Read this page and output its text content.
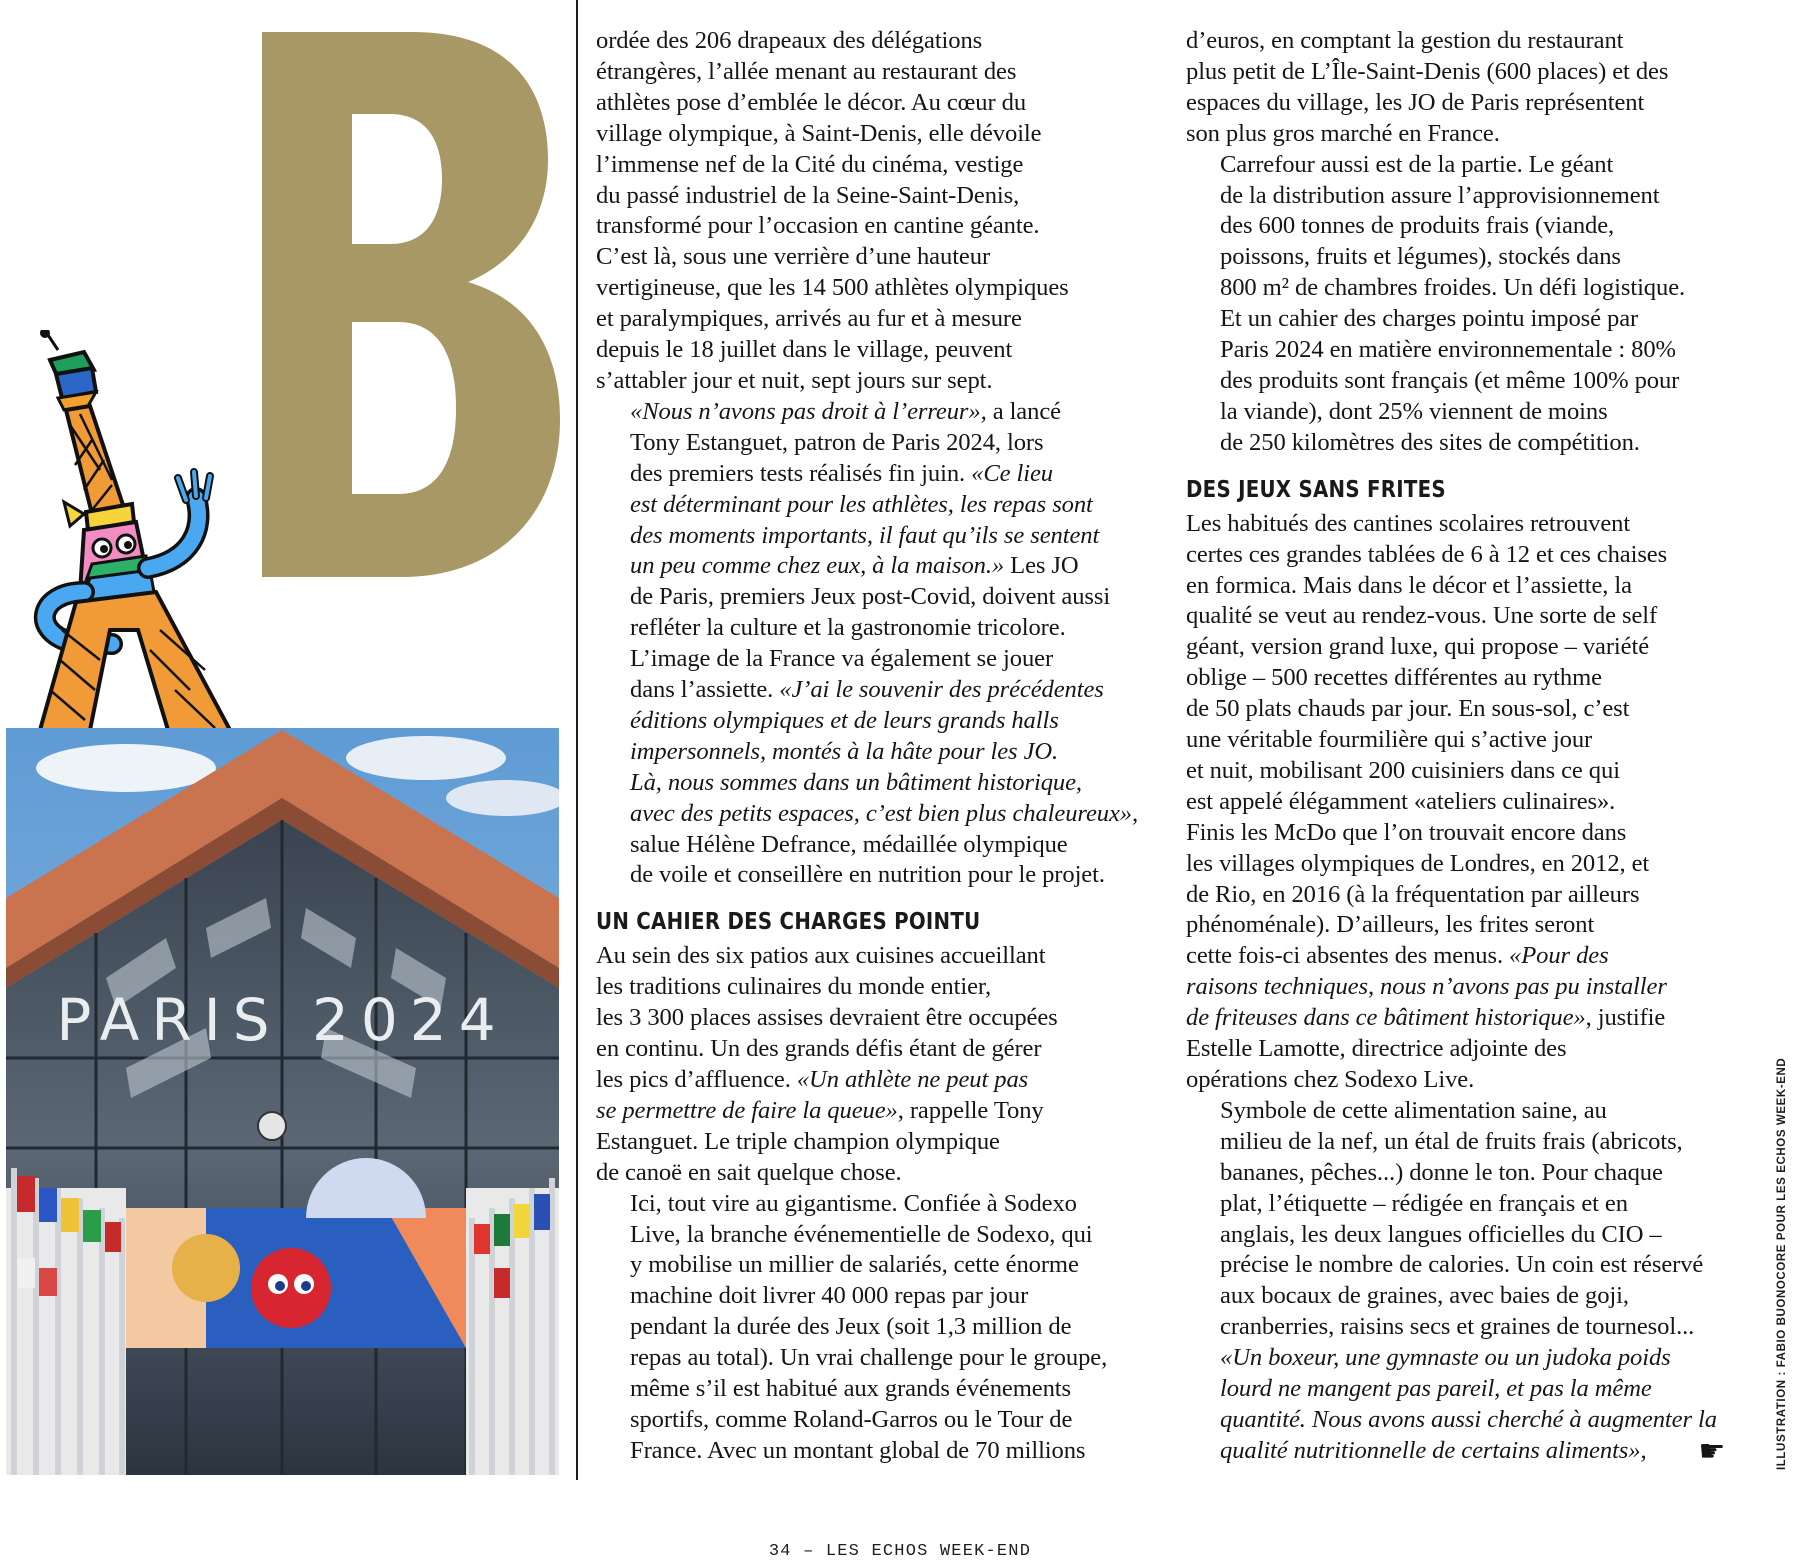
PARIS 2024

ordée des 206 drapeaux des délégations
étrangères, l’allée menant au restaurant des
athlètes pose d’emblée le décor. Au cœur du
village olympique, à Saint-Denis, elle dévoile
l’immense nef de la Cité du cinéma, vestige
du passé industriel de la Seine-Saint-Denis,
transformé pour l’occasion en cantine géante.
C’est là, sous une verrière d’une hauteur
vertigineuse, que les 14 500 athlètes olympiques
et paralympiques, arrivés au fur et à mesure
depuis le 18 juillet dans le village, peuvent
s’attabler jour et nuit, sept jours sur sept.

«Nous n’avons pas droit à l’erreur», a lancé
Tony Estanguet, patron de Paris 2024, lors
des premiers tests réalisés fin juin. «Ce lieu
est déterminant pour les athlètes, les repas sont
des moments importants, il faut qu’ils se sentent
un peu comme chez eux, à la maison.» Les JO
de Paris, premiers Jeux post-Covid, doivent aussi
refléter la culture et la gastronomie tricolore.
L’image de la France va également se jouer
dans l’assiette. «J’ai le souvenir des précédentes
éditions olympiques et de leurs grands halls
impersonnels, montés à la hâte pour les JO.
Là, nous sommes dans un bâtiment historique,
avec des petits espaces, c’est bien plus chaleureux»,
salue Hélène Defrance, médaillée olympique
de voile et conseillère en nutrition pour le projet.

UN CAHIER DES CHARGES POINTU

Au sein des six patios aux cuisines accueillant
les traditions culinaires du monde entier,
les 3 300 places assises devraient être occupées
en continu. Un des grands défis étant de gérer
les pics d’affluence. «Un athlète ne peut pas
se permettre de faire la queue», rappelle Tony
Estanguet. Le triple champion olympique
de canoë en sait quelque chose.

Ici, tout vire au gigantisme. Confiée à Sodexo
Live, la branche événementielle de Sodexo, qui
y mobilise un millier de salariés, cette énorme
machine doit livrer 40 000 repas par jour
pendant la durée des Jeux (soit 1,3 million de
repas au total). Un vrai challenge pour le groupe,
même s’il est habitué aux grands événements
sportifs, comme Roland-Garros ou le Tour de
France. Avec un montant global de 70 millions

d’euros, en comptant la gestion du restaurant
plus petit de L’Île-Saint-Denis (600 places) et des
espaces du village, les JO de Paris représentent
son plus gros marché en France.

Carrefour aussi est de la partie. Le géant
de la distribution assure l’approvisionnement
des 600 tonnes de produits frais (viande,
poissons, fruits et légumes), stockés dans
800 m² de chambres froides. Un défi logistique.
Et un cahier des charges pointu imposé par
Paris 2024 en matière environnementale : 80%
des produits sont français (et même 100% pour
la viande), dont 25% viennent de moins
de 250 kilomètres des sites de compétition.

DES JEUX SANS FRITES

Les habitués des cantines scolaires retrouvent
certes ces grandes tablées de 6 à 12 et ces chaises
en formica. Mais dans le décor et l’assiette, la
qualité se veut au rendez-vous. Une sorte de self
géant, version grand luxe, qui propose – variété
oblige – 500 recettes différentes au rythme
de 50 plats chauds par jour. En sous-sol, c’est
une véritable fourmilière qui s’active jour
et nuit, mobilisant 200 cuisiniers dans ce qui
est appelé élégamment «ateliers culinaires».
Finis les McDo que l’on trouvait encore dans
les villages olympiques de Londres, en 2012, et
de Rio, en 2016 (à la fréquentation par ailleurs
phénoménale). D’ailleurs, les frites seront
cette fois-ci absentes des menus. «Pour des
raisons techniques, nous n’avons pas pu installer
de friteuses dans ce bâtiment historique», justifie
Estelle Lamotte, directrice adjointe des
opérations chez Sodexo Live.

Symbole de cette alimentation saine, au
milieu de la nef, un étal de fruits frais (abricots,
bananes, pêches...) donne le ton. Pour chaque
plat, l’étiquette – rédigée en français et en
anglais, les deux langues officielles du CIO –
précise le nombre de calories. Un coin est réservé
aux bocaux de graines, avec baies de goji,
cranberries, raisins secs et graines de tournesol...
«Un boxeur, une gymnaste ou un judoka poids
lourd ne mangent pas pareil, et pas la même
quantité. Nous avons aussi cherché à augmenter la
qualité nutritionnelle de certains aliments», ☛	ILLUSTRATION : FABIO BUONOCORE POUR LES ECHOS WEEK-END
34 – LES ECHOS WEEK-END
